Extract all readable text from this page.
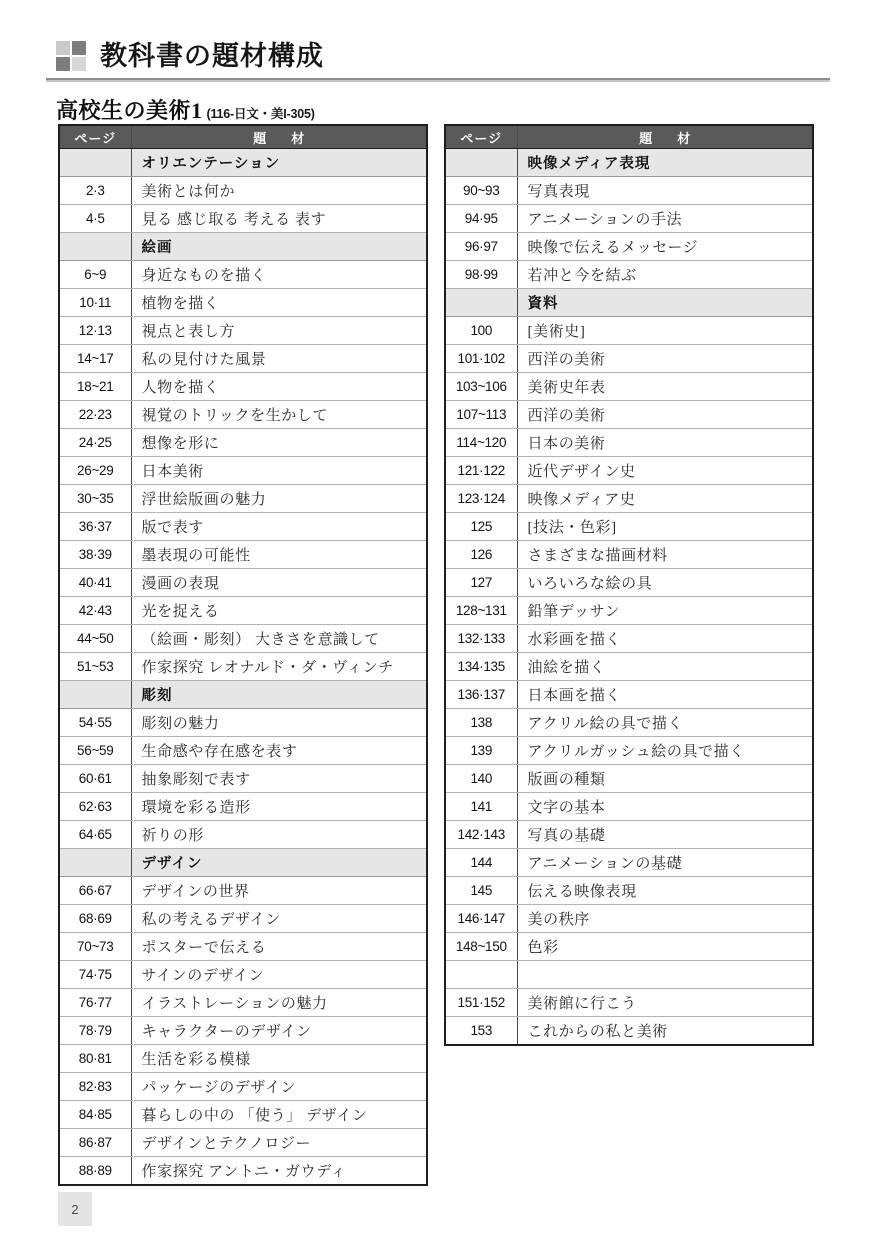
教科書の題材構成
高校生の美術1 (116-日文・美I-305)
ページ	題　材
	オリエンテーション
2·3	美術とは何か
4·5	見る 感じ取る 考える 表す
	絵画
6~9	身近なものを描く
10·11	植物を描く
12·13	視点と表し方
14~17	私の見付けた風景
18~21	人物を描く
22·23	視覚のトリックを生かして
24·25	想像を形に
26~29	日本美術
30~35	浮世絵版画の魅力
36·37	版で表す
38·39	墨表現の可能性
40·41	漫画の表現
42·43	光を捉える
44~50	（絵画・彫刻） 大きさを意識して
51~53	作家探究 レオナルド・ダ・ヴィンチ
	彫刻
54·55	彫刻の魅力
56~59	生命感や存在感を表す
60·61	抽象彫刻で表す
62·63	環境を彩る造形
64·65	祈りの形
	デザイン
66·67	デザインの世界
68·69	私の考えるデザイン
70~73	ポスターで伝える
74·75	サインのデザイン
76·77	イラストレーションの魅力
78·79	キャラクターのデザイン
80·81	生活を彩る模様
82·83	パッケージのデザイン
84·85	暮らしの中の 「使う」 デザイン
86·87	デザインとテクノロジー
88·89	作家探究 アントニ・ガウディ
ページ	題　材
	映像メディア表現
90~93	写真表現
94·95	アニメーションの手法
96·97	映像で伝えるメッセージ
98·99	若冲と今を結ぶ
	資料
100	[美術史]
101·102	西洋の美術
103~106	美術史年表
107~113	西洋の美術
114~120	日本の美術
121·122	近代デザイン史
123·124	映像メディア史
125	[技法・色彩]
126	さまざまな描画材料
127	いろいろな絵の具
128~131	鉛筆デッサン
132·133	水彩画を描く
134·135	油絵を描く
136·137	日本画を描く
138	アクリル絵の具で描く
139	アクリルガッシュ絵の具で描く
140	版画の種類
141	文字の基本
142·143	写真の基礎
144	アニメーションの基礎
145	伝える映像表現
146·147	美の秩序
148~150	色彩

151·152	美術館に行こう
153	これからの私と美術
2
